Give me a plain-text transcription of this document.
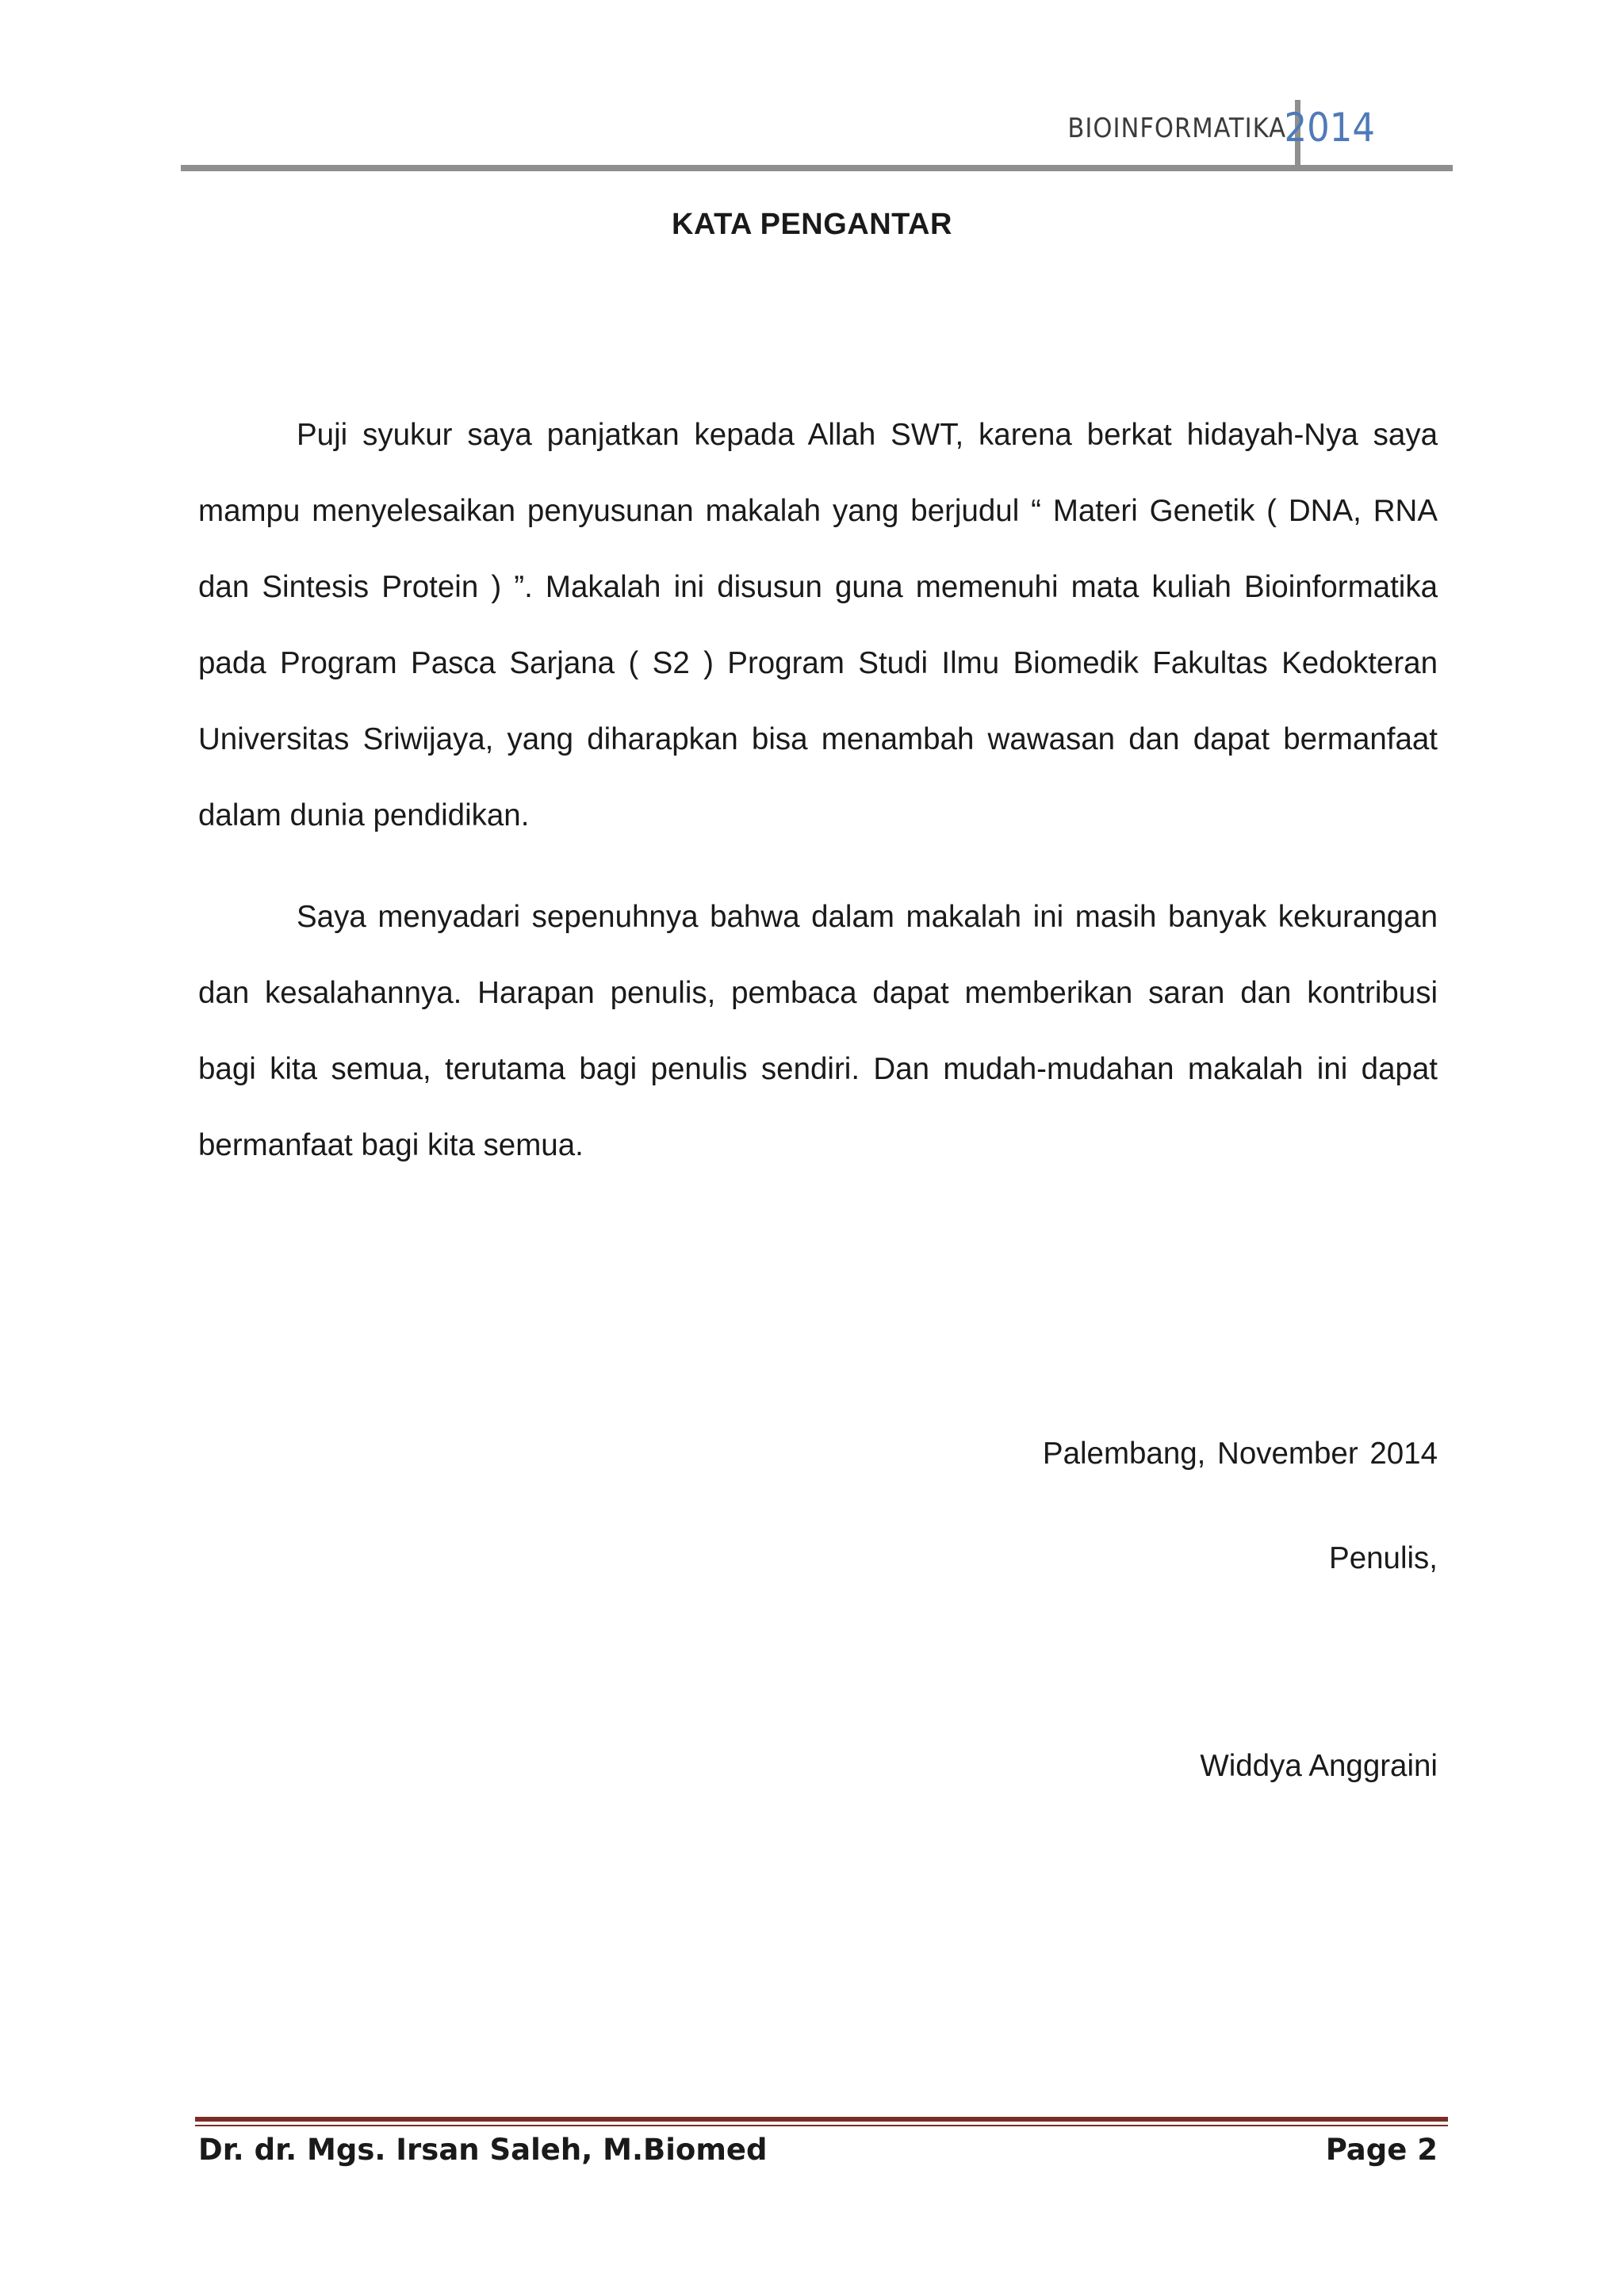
BIOINFORMATIKA
2014
KATA PENGANTAR

Puji syukur saya panjatkan kepada Allah SWT, karena berkat hidayah-Nya saya mampu menyelesaikan penyusunan makalah yang berjudul “ Materi Genetik ( DNA, RNA dan Sintesis Protein ) ”. Makalah ini disusun guna memenuhi mata kuliah Bioinformatika pada Program Pasca Sarjana ( S2 ) Program Studi Ilmu Biomedik Fakultas Kedokteran Universitas Sriwijaya, yang diharapkan bisa menambah wawasan dan dapat bermanfaat dalam dunia pendidikan.

Saya menyadari sepenuhnya bahwa dalam makalah ini masih banyak kekurangan dan kesalahannya. Harapan penulis, pembaca dapat memberikan saran dan kontribusi bagi kita semua, terutama bagi penulis sendiri. Dan mudah-mudahan makalah ini dapat bermanfaat bagi kita semua.

Palembang, November 2014
Penulis,
Widdya Anggraini
Dr. dr. Mgs. Irsan Saleh, M.Biomed	Page 2
